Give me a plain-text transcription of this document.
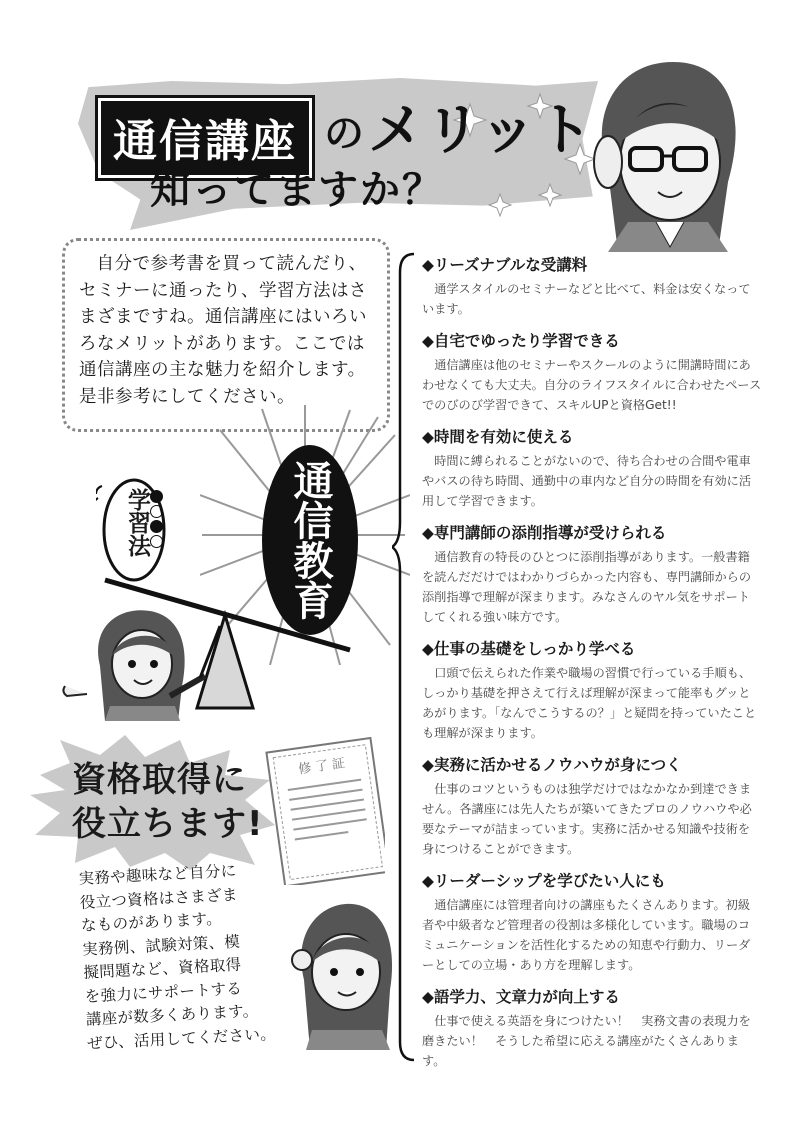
通信講座 の メリット
知ってますか？
自分で参考書を買って読んだり、
セミナーに通ったり、学習方法はさ
まざまですね。通信講座にはいろい
ろなメリットがあります。ここでは
通信講座の主な魅力を紹介します。
是非参考にしてください。
通信教育
学習法
資格取得に
役立ちます!
修了証
実務や趣味など自分に
役立つ資格はさまざま
なものがあります。
実務例、試験対策、模
擬問題など、資格取得
を強力にサポートする
講座が数多くあります。
ぜひ、活用してください。
◆リーズナブルな受講料

通学スタイルのセミナーなどと比べて、料金は安くなっています。

◆自宅でゆったり学習できる

通信講座は他のセミナーやスクールのように開講時間にあわせなくても大丈夫。自分のライフスタイルに合わせたペースでのびのび学習できて、スキルUPと資格Get!!

◆時間を有効に使える

時間に縛られることがないので、待ち合わせの合間や電車やバスの待ち時間、通勤中の車内など自分の時間を有効に活用して学習できます。

◆専門講師の添削指導が受けられる

通信教育の特長のひとつに添削指導があります。一般書籍を読んだだけではわかりづらかった内容も、専門講師からの添削指導で理解が深まります。みなさんのヤル気をサポートしてくれる強い味方です。

◆仕事の基礎をしっかり学べる

口頭で伝えられた作業や職場の習慣で行っている手順も、しっかり基礎を押さえて行えば理解が深まって能率もグッとあがります。「なんでこうするの？」と疑問を持っていたことも理解が深まります。

◆実務に活かせるノウハウが身につく

仕事のコツというものは独学だけではなかなか到達できません。各講座には先人たちが築いてきたプロのノウハウや必要なテーマが詰まっています。実務に活かせる知識や技術を身につけることができます。

◆リーダーシップを学びたい人にも

通信講座には管理者向けの講座もたくさんあります。初級者や中級者など管理者の役割は多様化しています。職場のコミュニケーションを活性化するための知恵や行動力、リーダーとしての立場・あり方を理解します。

◆語学力、文章力が向上する

仕事で使える英語を身につけたい！　実務文書の表現力を磨きたい！　そうした希望に応える講座がたくさんあります。
